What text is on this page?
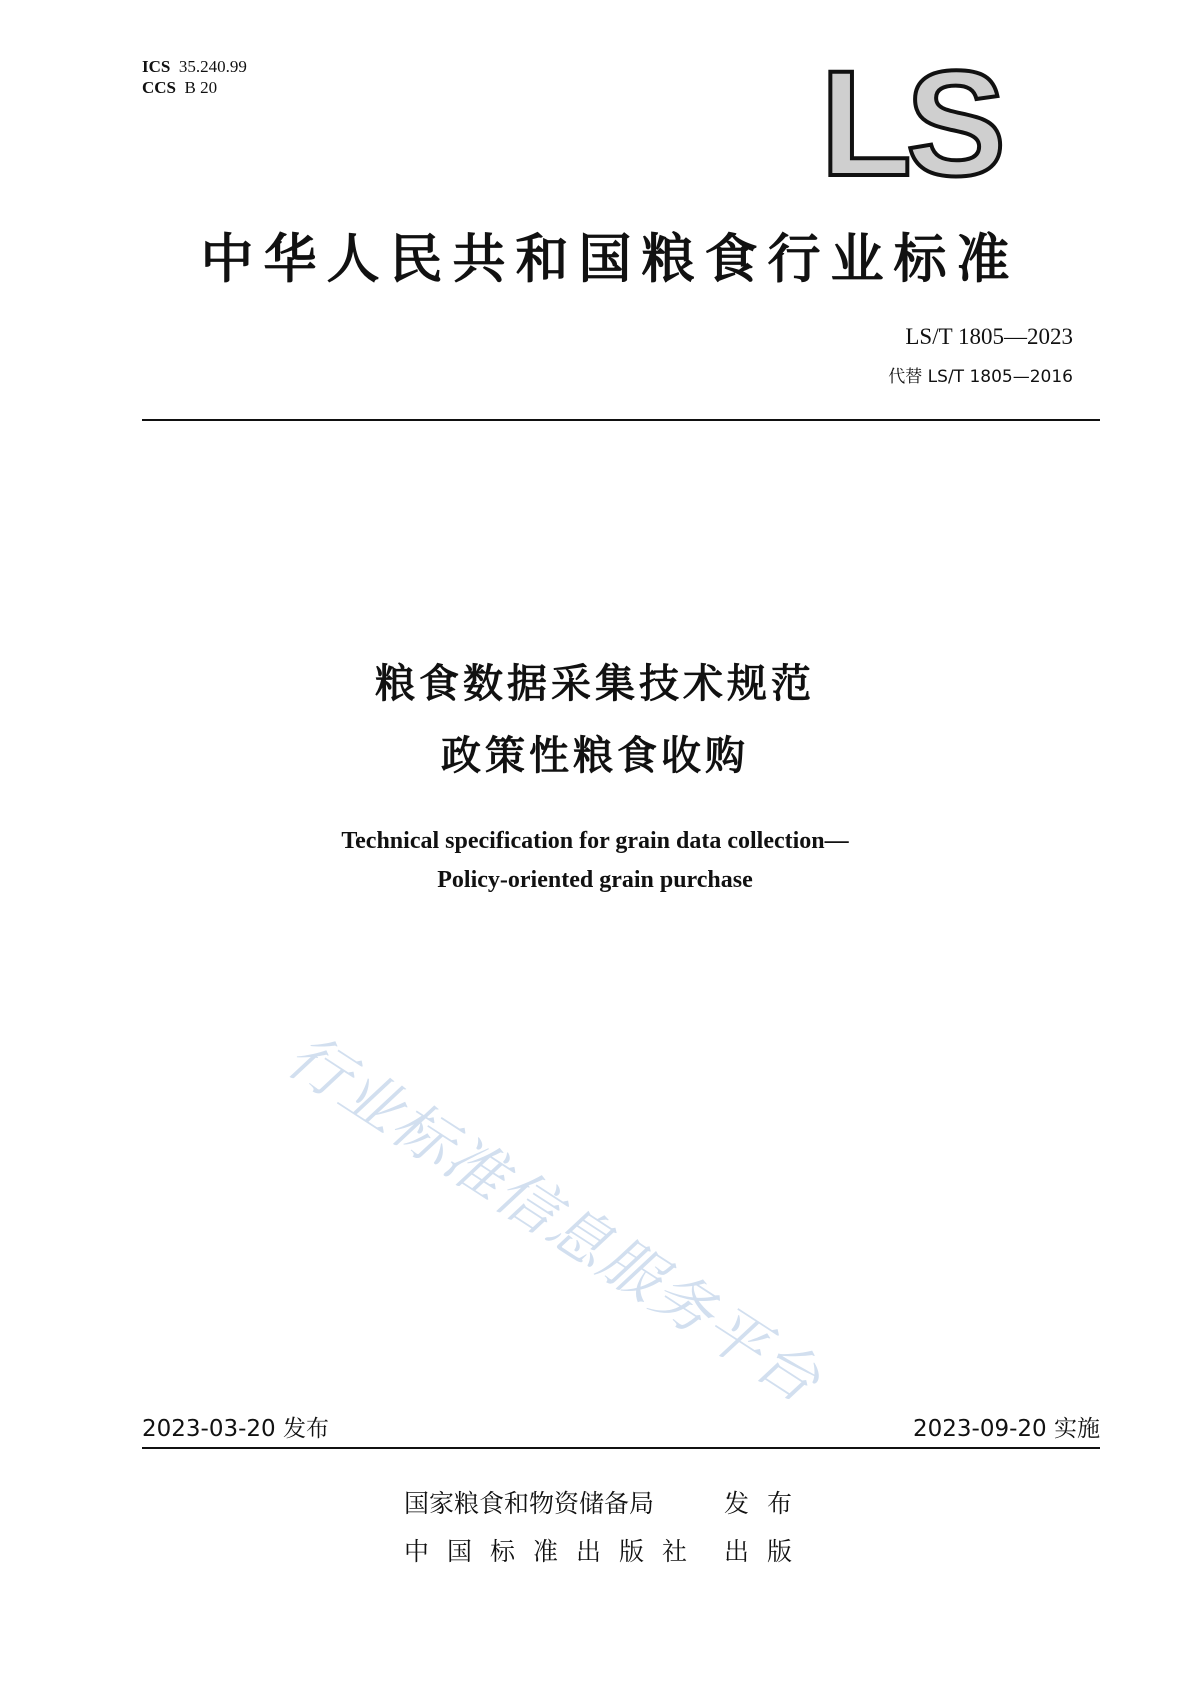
ICS 35.240.99
CCS B 20	LS
中华人民共和国粮食行业标准
LS/T 1805—2023
代替 LS/T 1805—2016
粮食数据采集技术规范
政策性粮食收购
Technical specification for grain data collection—
Policy-oriented grain purchase
行业标准信息服务平台
2023-03-20 发布	2023-09-20 实施
国家粮食和物资储备局	发布
中国标准出版社 出版
